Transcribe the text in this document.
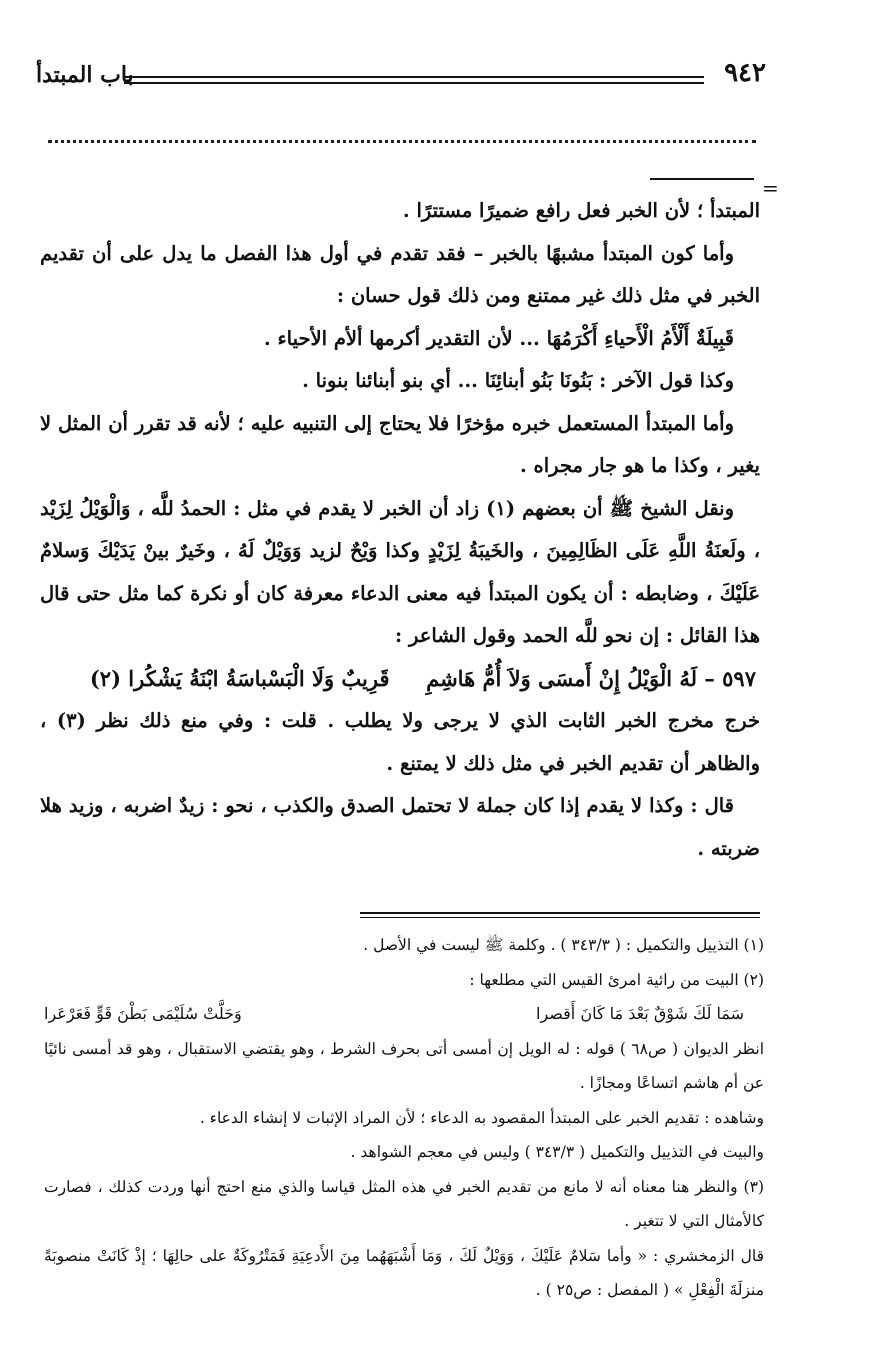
باب المبتدأ	٩٤٢
=

المبتدأ ؛ لأن الخبر فعل رافع ضميرًا مستترًا .

وأما كون المبتدأ مشبهًا بالخبر – فقد تقدم في أول هذا الفصل ما يدل على أن تقديم الخبر في مثل ذلك غير ممتنع ومن ذلك قول حسان :

قَبِيلَةٌ أَلْأَمُ الْأَحياءِ أَكْرَمُهَا ... لأن التقدير أكرمها ألأم الأحياء .

وكذا قول الآخر : بَنُونَا بَنُو أبنائِنَا ... أي بنو أبنائنا بنونا .

وأما المبتدأ المستعمل خبره مؤخرًا فلا يحتاج إلى التنبيه عليه ؛ لأنه قد تقرر أن المثل لا يغير ، وكذا ما هو جار مجراه .

ونقل الشيخ ﷺ أن بعضهم (١) زاد أن الخبر لا يقدم في مثل : الحمدُ للَّه ، وَالْوَيْلُ لِزَيْد ، ولَعنَةُ اللَّهِ عَلَى الظَالِمِينَ ، والخَيبَةُ لِزَيْدٍ وكذا وَيْحٌ لزيد وَوَيْلٌ لَهُ ، وخَيرٌ بينْ يَدَيْكَ وَسلامٌ عَلَيْكَ ، وضابطه : أن يكون المبتدأ فيه معنى الدعاء معرفة كان أو نكرة كما مثل حتى قال هذا القائل : إن نحو للَّه الحمد وقول الشاعر :

٥٩٧ – لَهُ الْوَيْلُ إِنْ أَمسَى وَلاَ أُمُّ هَاشِمِ     قَرِيبٌ وَلَا الْبَسْباسَةُ ابْنَةُ يَشْكُرا (٢)

خرج مخرج الخبر الثابت الذي لا يرجى ولا يطلب . قلت : وفي منع ذلك نظر (٣) ، والظاهر أن تقديم الخبر في مثل ذلك لا يمتنع .

قال : وكذا لا يقدم إذا كان جملة لا تحتمل الصدق والكذب ، نحو : زيدٌ اضربه ، وزيد هلا ضربته .

(١) التذييل والتكميل : ( ٣٤٣/٣ ) . وكلمة ﷺ ليست في الأصل .

(٢) البيت من رائية امرئ القيس التي مطلعها :

سَمَا لَكَ شَوْقٌ بَعْدَ مَا كَانَ أَقصرا
وَحَلَّتْ سُلَيْمَى بَطْنَ قَوٍّ فَعَرْعَرا

انظر الديوان ( ص٦٨ ) قوله : له الويل إن أمسى أتى بحرف الشرط ، وهو يقتضي الاستقبال ، وهو قد أمسى نائيًا عن أم هاشم اتساعًا ومجازًا .

وشاهده : تقديم الخبر على المبتدأ المقصود به الدعاء ؛ لأن المراد الإثبات لا إنشاء الدعاء .

والبيت في التذييل والتكميل ( ٣٤٣/٣ ) وليس في معجم الشواهد .

(٣) والنظر هنا معناه أنه لا مانع من تقديم الخبر في هذه المثل قياسا والذي منع احتج أنها وردت كذلك ، فصارت كالأمثال التي لا تتغير .

قال الزمخشري : « وأما سَلامٌ عَلَيْكَ ، وَوَيْلٌ لَكَ ، وَمَا أَشْبَهَهُما مِنَ الأَدعِيَةِ فَمَتْرُوكَةٌ على حالِهَا ؛ إذْ كَانَتْ منصوبَةً منزلَةَ الْفِعْلِ » ( المفصل : ص٢٥ ) .
